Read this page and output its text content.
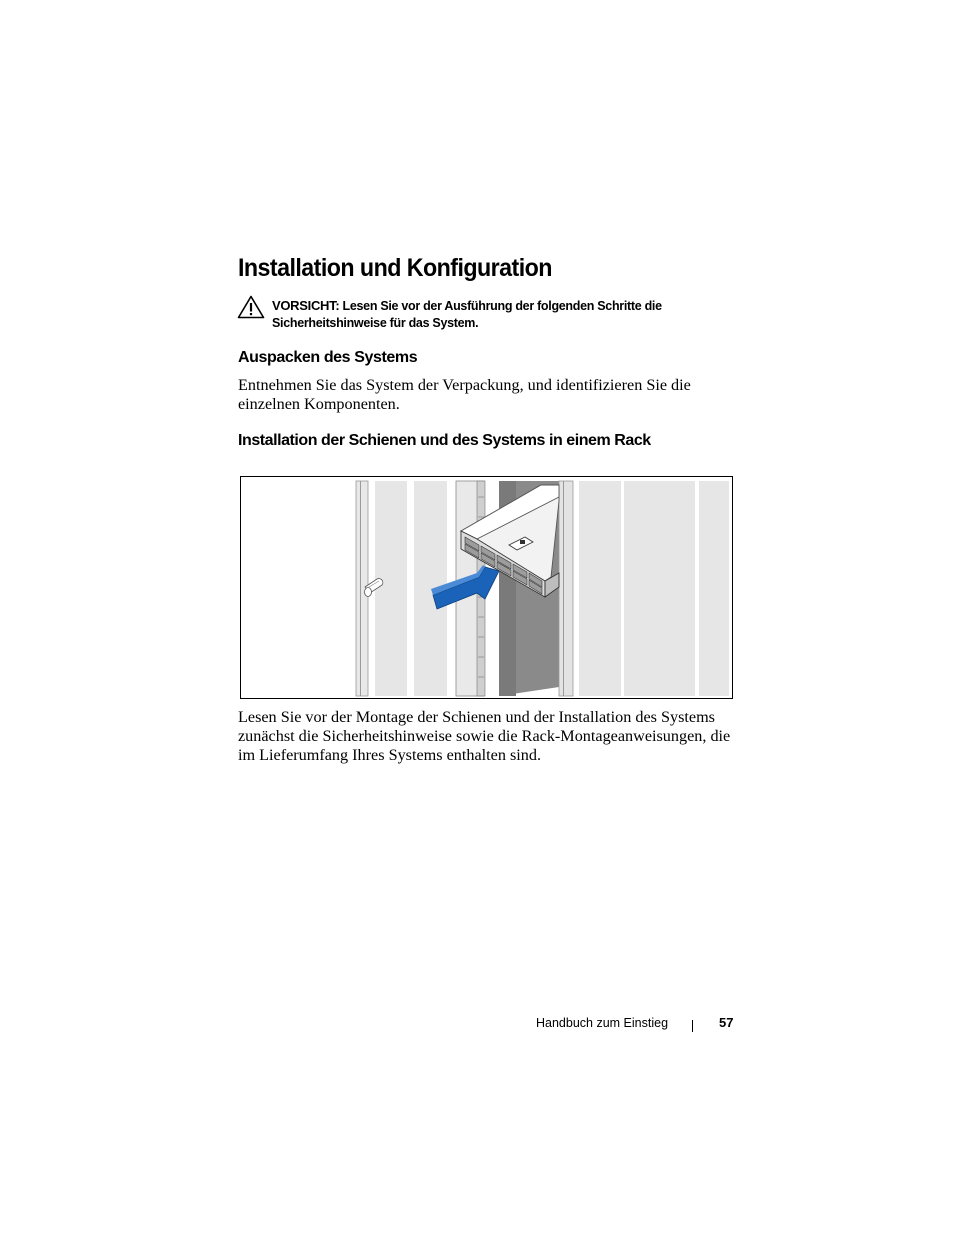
Installation und Konfiguration
VORSICHT: Lesen Sie vor der Ausführung der folgenden Schritte die Sicherheitshinweise für das System.
Auspacken des Systems

Entnehmen Sie das System der Verpackung, und identifizieren Sie die einzelnen Komponenten.

Installation der Schienen und des Systems in einem Rack

Lesen Sie vor der Montage der Schienen und der Installation des Systems zunächst die Sicherheitshinweise sowie die Rack-Montageanweisungen, die im Lieferumfang Ihres Systems enthalten sind.

Handbuch zum Einstieg	57
